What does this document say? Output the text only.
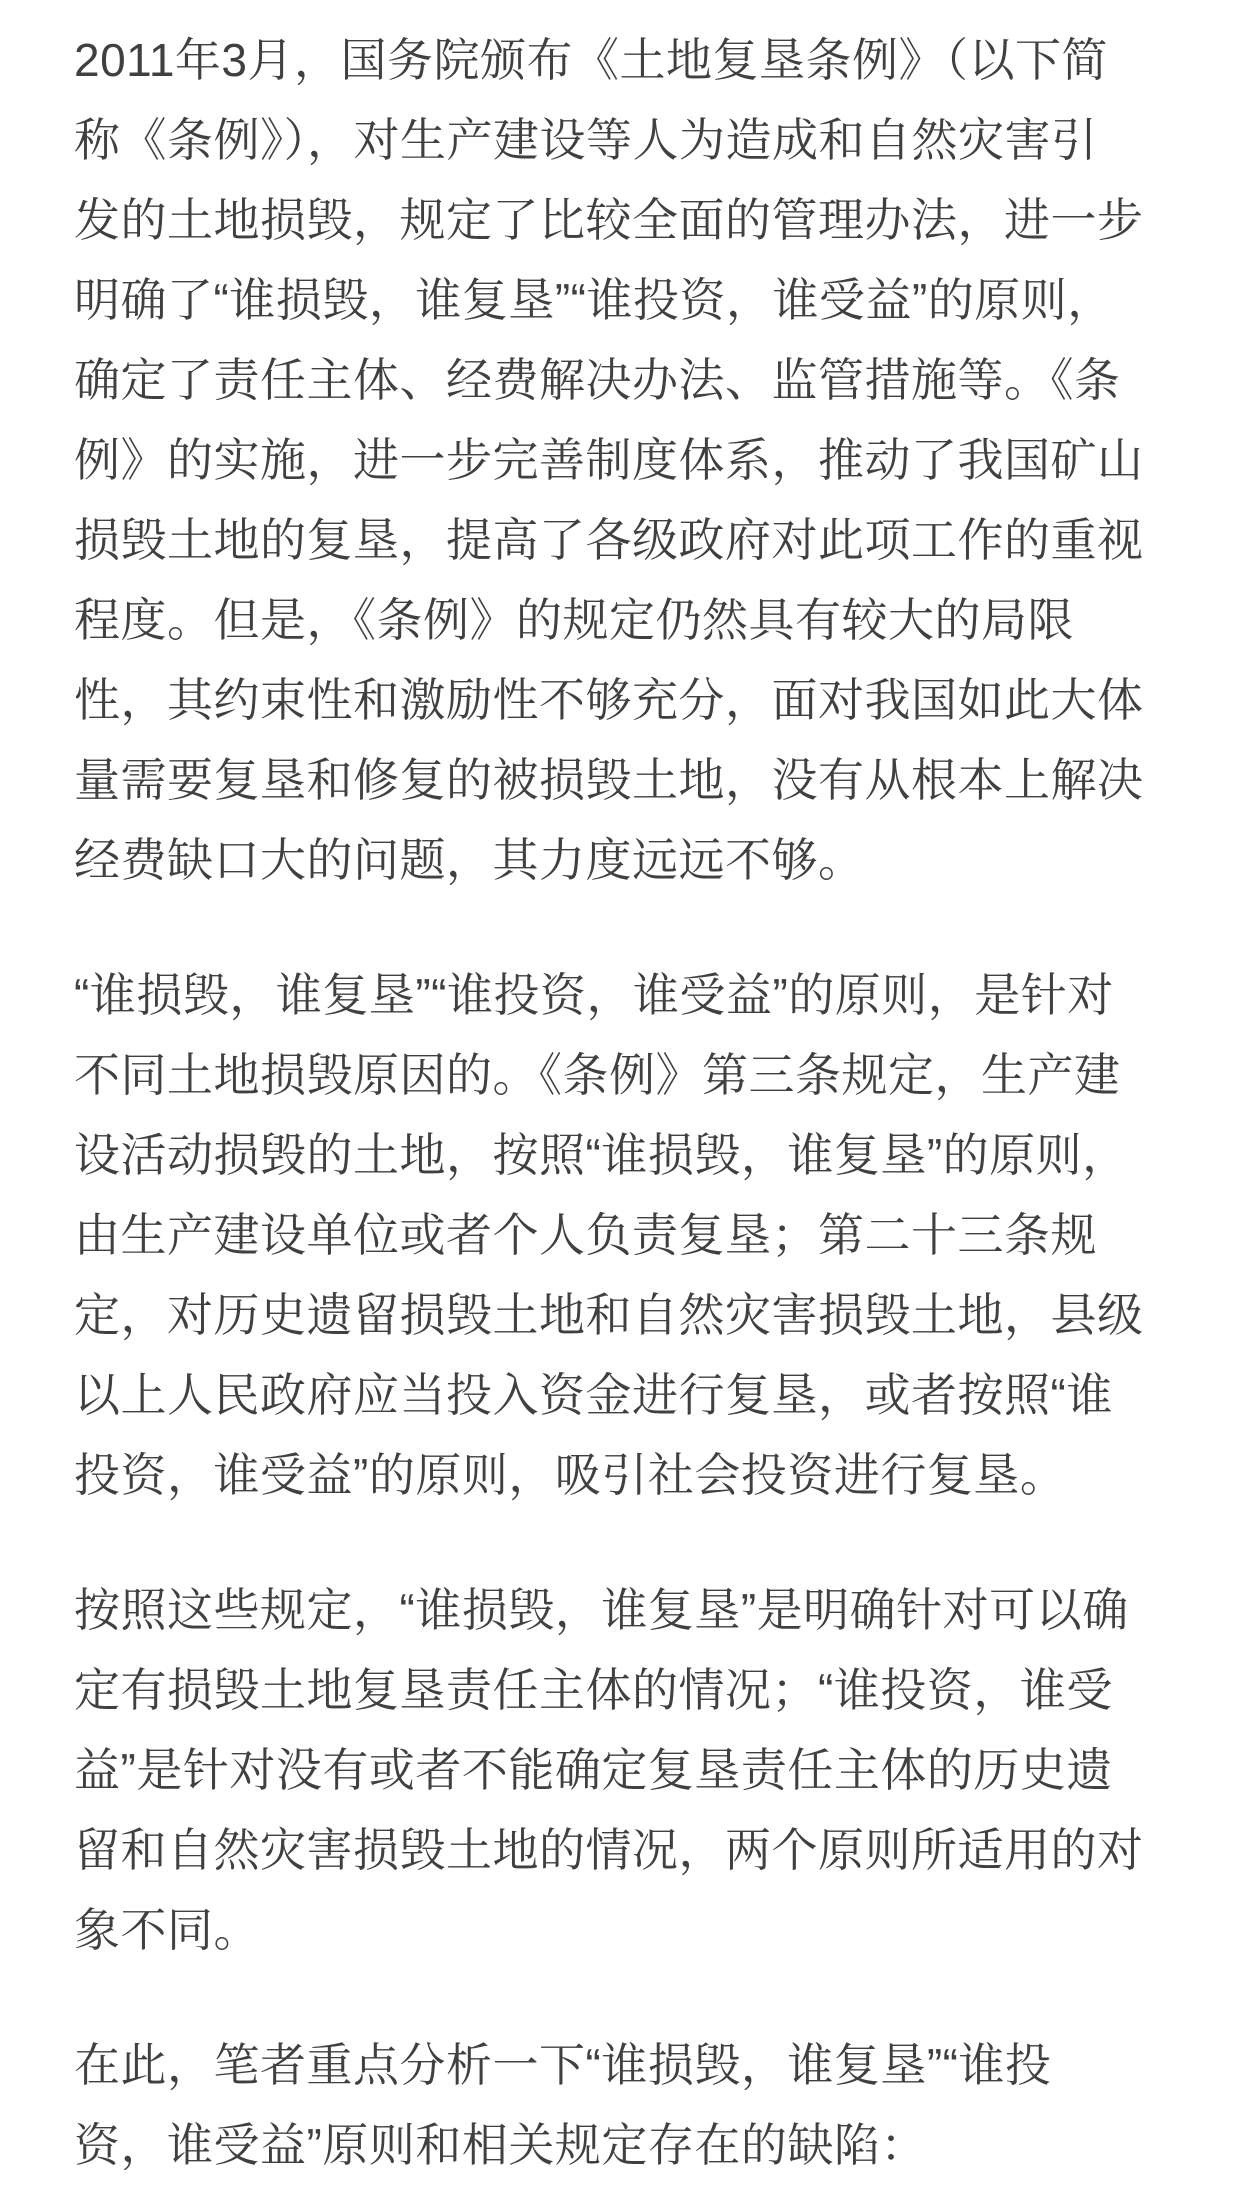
2011年3月，国务院颁布《土地复垦条例》（以下简
称《条例》），对生产建设等人为造成和自然灾害引
发的土地损毁，规定了比较全面的管理办法，进一步
明确了“谁损毁，谁复垦”“谁投资，谁受益”的原则，
确定了责任主体、经费解决办法、监管措施等。《条
例》的实施，进一步完善制度体系，推动了我国矿山
损毁土地的复垦，提高了各级政府对此项工作的重视
程度。但是，《条例》的规定仍然具有较大的局限
性，其约束性和激励性不够充分，面对我国如此大体
量需要复垦和修复的被损毁土地，没有从根本上解决
经费缺口大的问题，其力度远远不够。
“谁损毁，谁复垦”“谁投资，谁受益”的原则，是针对
不同土地损毁原因的。《条例》第三条规定，生产建
设活动损毁的土地，按照“谁损毁，谁复垦”的原则，
由生产建设单位或者个人负责复垦；第二十三条规
定，对历史遗留损毁土地和自然灾害损毁土地，县级
以上人民政府应当投入资金进行复垦，或者按照“谁
投资，谁受益”的原则，吸引社会投资进行复垦。
按照这些规定，“谁损毁，谁复垦”是明确针对可以确
定有损毁土地复垦责任主体的情况；“谁投资，谁受
益”是针对没有或者不能确定复垦责任主体的历史遗
留和自然灾害损毁土地的情况，两个原则所适用的对
象不同。
在此，笔者重点分析一下“谁损毁，谁复垦”“谁投
资，谁受益”原则和相关规定存在的缺陷：
